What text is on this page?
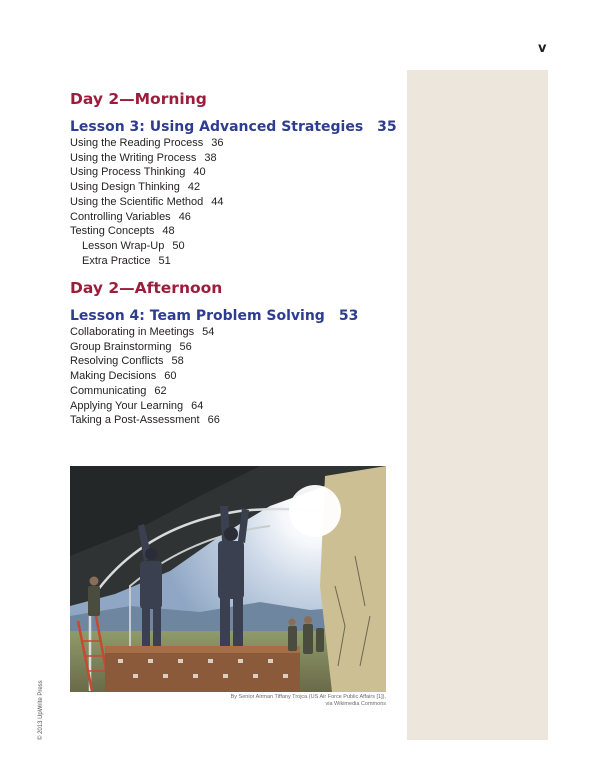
v
Day 2—Morning
Lesson 3: Using Advanced Strategies 35
Using the Reading Process 36
Using the Writing Process 38
Using Process Thinking 40
Using Design Thinking 42
Using the Scientific Method 44
Controlling Variables 46
Testing Concepts 48
Lesson Wrap-Up 50
Extra Practice 51
Day 2—Afternoon
Lesson 4: Team Problem Solving 53
Collaborating in Meetings 54
Group Brainstorming 56
Resolving Conflicts 58
Making Decisions 60
Communicating 62
Applying Your Learning 64
Taking a Post-Assessment 66
By Senior Airman Tiffany Trojca (US Air Force Public Affairs [1]),
via Wikimedia Commons
© 2013 UpWrite Press
